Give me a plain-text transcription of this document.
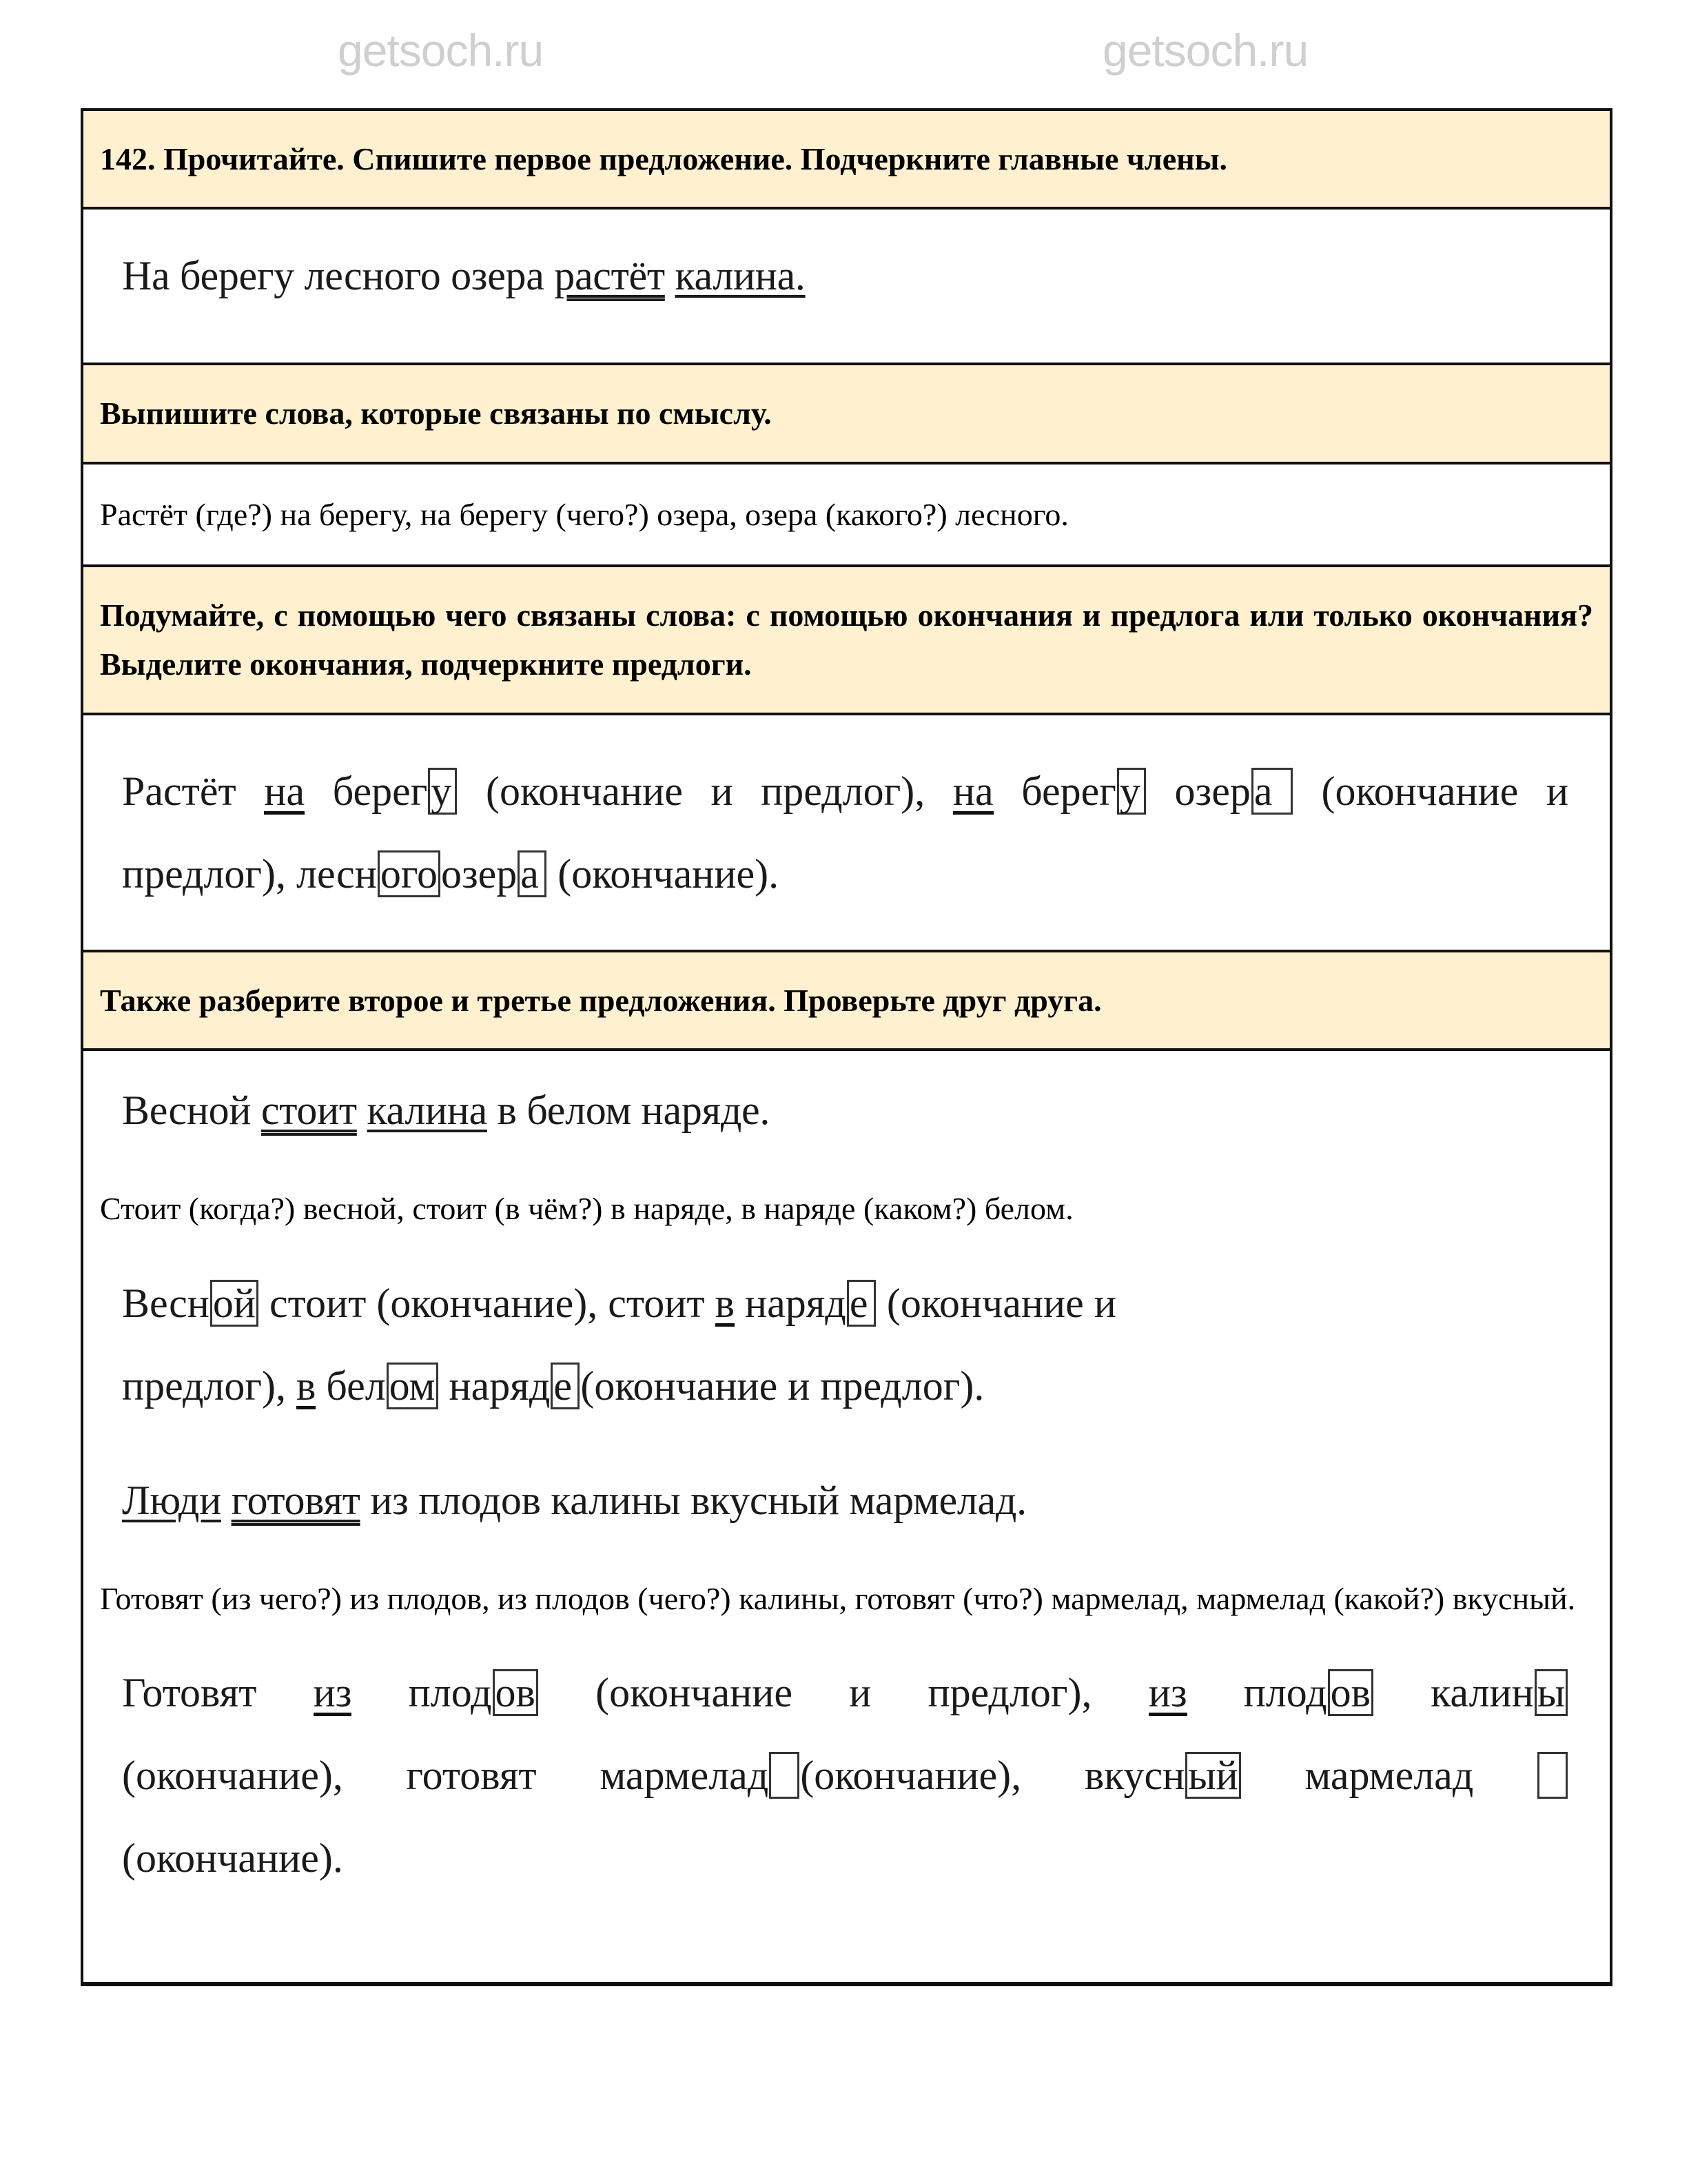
getsoch.ru	getsoch.ru

142. Прочитайте. Спишите первое предложение. Подчеркните главные члены.

На берегу лесного озера растёт калина.

Выпишите слова, которые связаны по смыслу.

Растёт (где?) на берегу, на берегу (чего?) озера, озера (какого?) лесного.

Подумайте, с помощью чего связаны слова: с помощью окончания и предлога или только окончания? Выделите окончания, подчеркните предлоги.

Растёт на берегу (окончание и предлог), на берегу озера (окончание и
предлог), лесногоозера (окончание).

Также разберите второе и третье предложения. Проверьте друг друга.

Весной стоит калина в белом наряде.

Стоит (когда?) весной, стоит (в чём?) в наряде, в наряде (каком?) белом.

Весной стоит (окончание), стоит в наряде (окончание и
предлог), в белом наряде (окончание и предлог).

Люди готовят из плодов калины вкусный мармелад.

Готовят (из чего?) из плодов, из плодов (чего?) калины, готовят (что?) мармелад, мармелад (какой?) вкусный.

Готовят из плодов (окончание и предлог), из плодов калины
(окончание), готовят мармелад (окончание), вкусный мармелад
(окончание).
